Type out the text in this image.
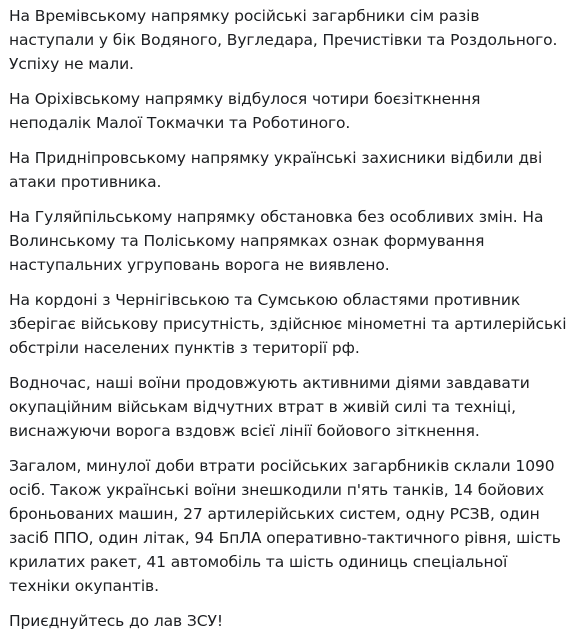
На Времівському напрямку російські загарбники сім разів
наступали у бік Водяного, Вугледара, Пречистівки та Роздольного.
Успіху не мали.

На Оріхівському напрямку відбулося чотири боєзіткнення
неподалік Малої Токмачки та Роботиного.

На Придніпровському напрямку українські захисники відбили дві
атаки противника.

На Гуляйпільському напрямку обстановка без особливих змін. На
Волинському та Поліському напрямках ознак формування
наступальних угруповань ворога не виявлено.

На кордоні з Чернігівською та Сумською областями противник
зберігає військову присутність, здійснює мінометні та артилерійські
обстріли населених пунктів з території рф.

Водночас, наші воїни продовжують активними діями завдавати
окупаційним військам відчутних втрат в живій силі та техніці,
виснажуючи ворога вздовж всієї лінії бойового зіткнення.

Загалом, минулої доби втрати російських загарбників склали 1090
осіб. Також українські воїни знешкодили п'ять танків, 14 бойових
броньованих машин, 27 артилерійських систем, одну РСЗВ, один
засіб ППО, один літак, 94 БпЛА оперативно-тактичного рівня, шість
крилатих ракет, 41 автомобіль та шість одиниць спеціальної
техніки окупантів.

Приєднуйтесь до лав ЗСУ!
